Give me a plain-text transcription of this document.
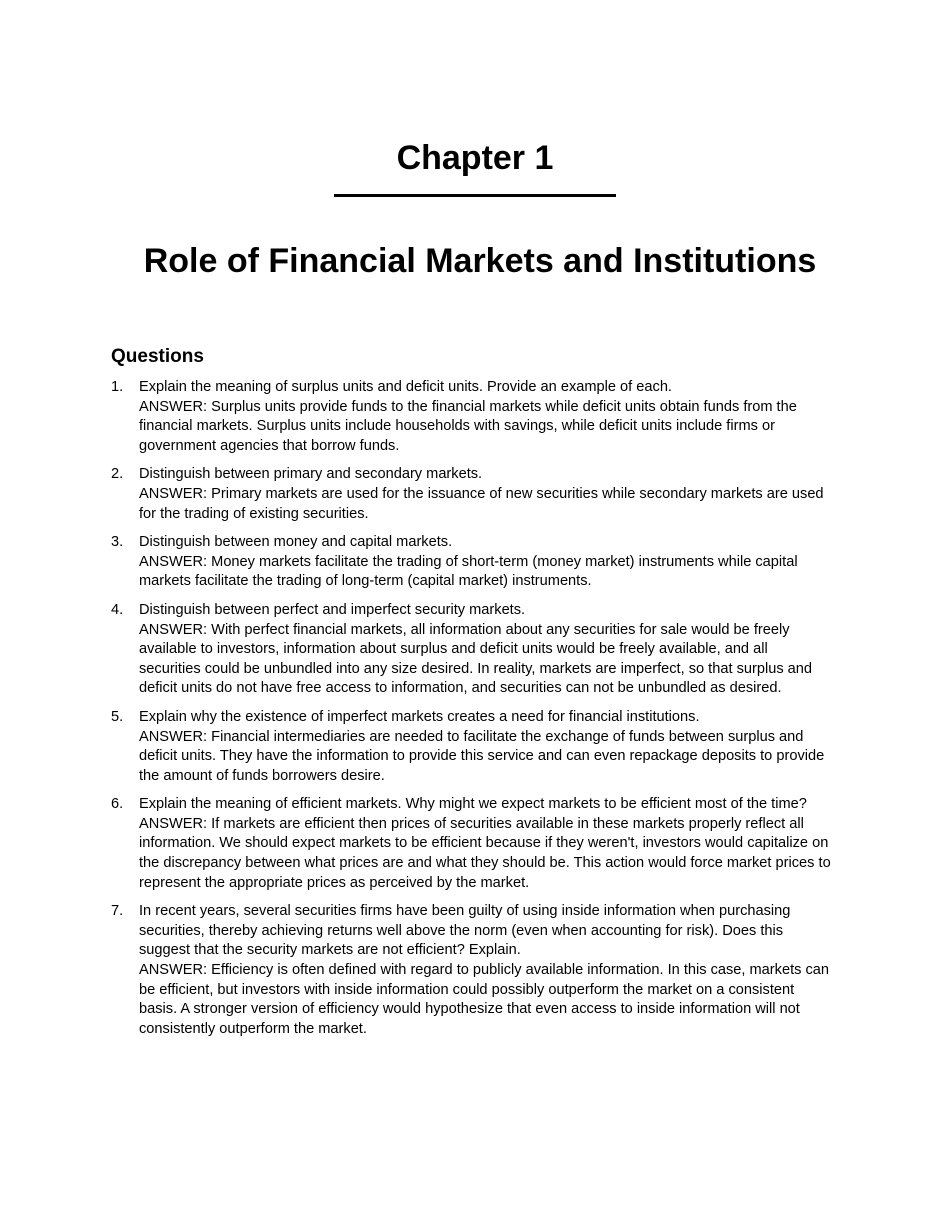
Chapter 1
Role of Financial Markets and Institutions
Questions
1. Explain the meaning of surplus units and deficit units. Provide an example of each.
ANSWER: Surplus units provide funds to the financial markets while deficit units obtain funds from the financial markets. Surplus units include households with savings, while deficit units include firms or government agencies that borrow funds.
2. Distinguish between primary and secondary markets.
ANSWER: Primary markets are used for the issuance of new securities while secondary markets are used for the trading of existing securities.
3. Distinguish between money and capital markets.
ANSWER: Money markets facilitate the trading of short-term (money market) instruments while capital markets facilitate the trading of long-term (capital market) instruments.
4. Distinguish between perfect and imperfect security markets.
ANSWER: With perfect financial markets, all information about any securities for sale would be freely available to investors, information about surplus and deficit units would be freely available, and all securities could be unbundled into any size desired. In reality, markets are imperfect, so that surplus and deficit units do not have free access to information, and securities can not be unbundled as desired.
5. Explain why the existence of imperfect markets creates a need for financial institutions.
ANSWER: Financial intermediaries are needed to facilitate the exchange of funds between surplus and deficit units. They have the information to provide this service and can even repackage deposits to provide the amount of funds borrowers desire.
6. Explain the meaning of efficient markets. Why might we expect markets to be efficient most of the time?
ANSWER: If markets are efficient then prices of securities available in these markets properly reflect all information. We should expect markets to be efficient because if they weren't, investors would capitalize on the discrepancy between what prices are and what they should be. This action would force market prices to represent the appropriate prices as perceived by the market.
7. In recent years, several securities firms have been guilty of using inside information when purchasing securities, thereby achieving returns well above the norm (even when accounting for risk). Does this suggest that the security markets are not efficient? Explain.
ANSWER: Efficiency is often defined with regard to publicly available information. In this case, markets can be efficient, but investors with inside information could possibly outperform the market on a consistent basis. A stronger version of efficiency would hypothesize that even access to inside information will not consistently outperform the market.
